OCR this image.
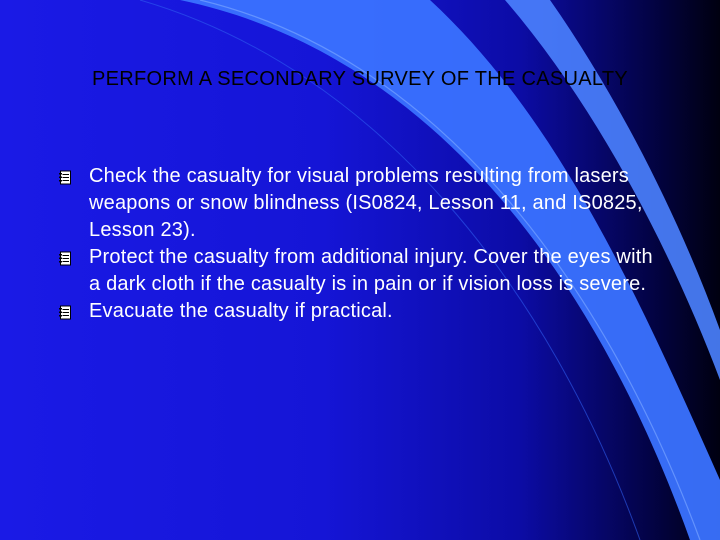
PERFORM A SECONDARY SURVEY OF THE CASUALTY
Check the casualty for visual problems resulting from lasers weapons or snow blindness (IS0824, Lesson 11, and IS0825, Lesson 23).
Protect the casualty from additional injury. Cover the eyes with a dark cloth if the casualty is in pain or if vision loss is severe.
Evacuate the casualty if practical.
